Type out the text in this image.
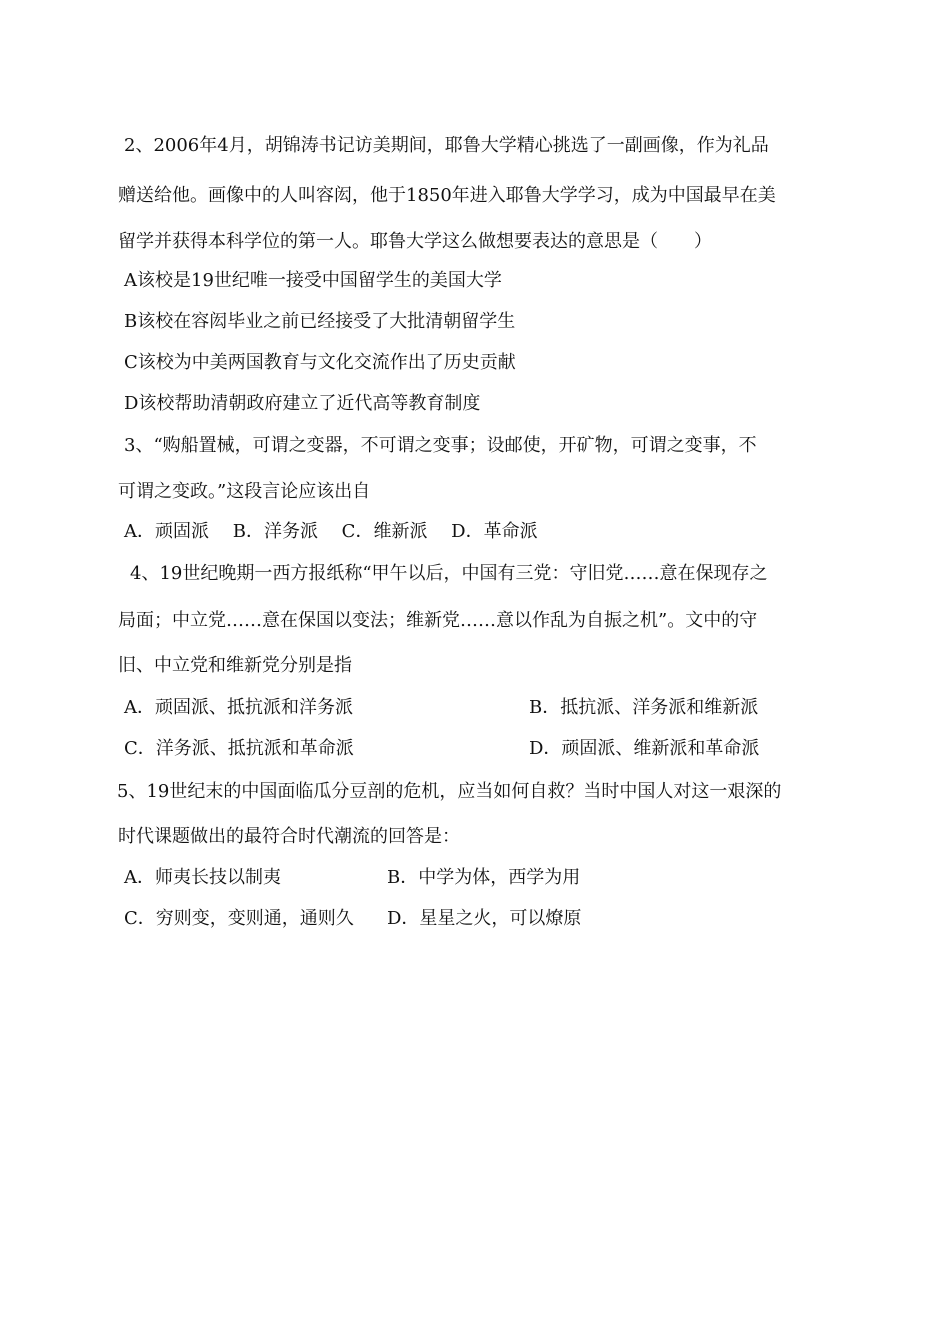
2、2006年4月，胡锦涛书记访美期间，耶鲁大学精心挑选了一副画像，作为礼品
赠送给他。画像中的人叫容闳，他于1850年进入耶鲁大学学习，成为中国最早在美
留学并获得本科学位的第一人。耶鲁大学这么做想要表达的意思是（　　）
A该校是19世纪唯一接受中国留学生的美国大学
B该校在容闳毕业之前已经接受了大批清朝留学生
C该校为中美两国教育与文化交流作出了历史贡献
D该校帮助清朝政府建立了近代高等教育制度
3、“购船置械，可谓之变器，不可谓之变事；设邮使，开矿物，可谓之变事，不
可谓之变政。”这段言论应该出自
A．顽固派　 B．洋务派　 C．维新派　 D．革命派
4、19世纪晚期一西方报纸称“甲午以后，中国有三党：守旧党……意在保现存之
局面；中立党……意在保国以变法；维新党……意以作乱为自振之机”。文中的守
旧、中立党和维新党分别是指
A．顽固派、抵抗派和洋务派	B．抵抗派、洋务派和维新派
C．洋务派、抵抗派和革命派	D．顽固派、维新派和革命派
5、19世纪末的中国面临瓜分豆剖的危机，应当如何自救？当时中国人对这一艰深的
时代课题做出的最符合时代潮流的回答是：
A．师夷长技以制夷	B．中学为体，西学为用
C．穷则变，变则通，通则久 D．星星之火，可以燎原
